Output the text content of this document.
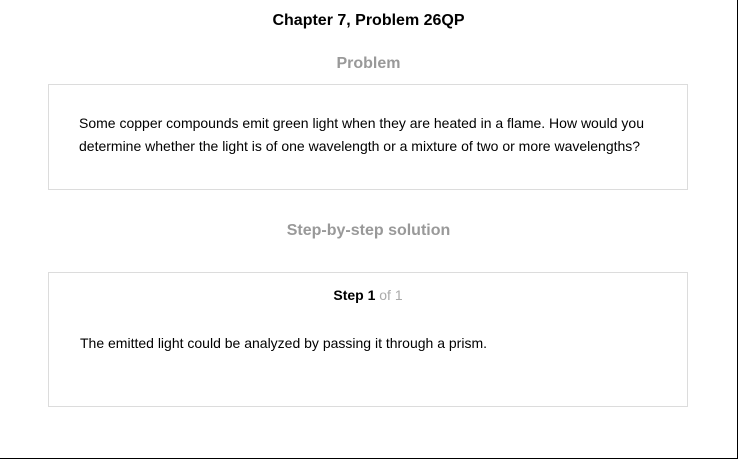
Chapter 7, Problem 26QP
Problem
Some copper compounds emit green light when they are heated in a flame. How would you determine whether the light is of one wavelength or a mixture of two or more wavelengths?
Step-by-step solution
Step 1 of 1
The emitted light could be analyzed by passing it through a prism.
